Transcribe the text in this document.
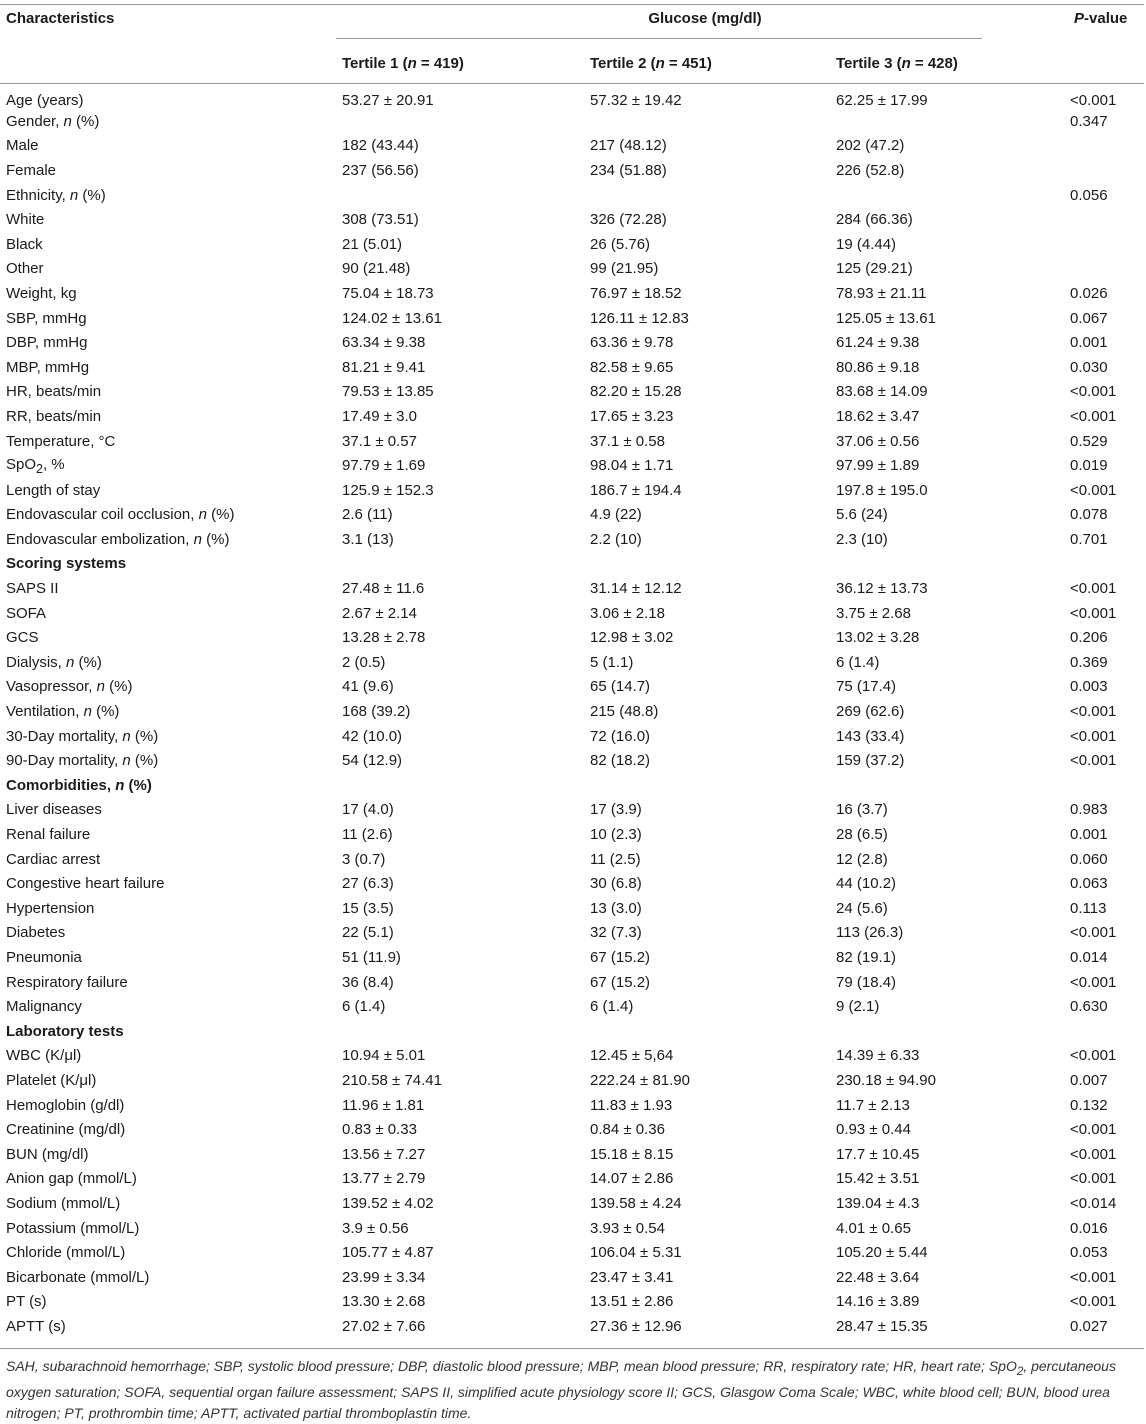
Characteristics	Glucose (mg/dl)			P-value
	Tertile 1 (n = 419)	Tertile 2 (n = 451)	Tertile 3 (n = 428)	
Age (years)	53.27 ± 20.91	57.32 ± 19.42	62.25 ± 17.99	<0.001
Gender, n (%)				0.347
Male	182 (43.44)	217 (48.12)	202 (47.2)	
Female	237 (56.56)	234 (51.88)	226 (52.8)	
Ethnicity, n (%)				0.056
White	308 (73.51)	326 (72.28)	284 (66.36)	
Black	21 (5.01)	26 (5.76)	19 (4.44)	
Other	90 (21.48)	99 (21.95)	125 (29.21)	
Weight, kg	75.04 ± 18.73	76.97 ± 18.52	78.93 ± 21.11	0.026
SBP, mmHg	124.02 ± 13.61	126.11 ± 12.83	125.05 ± 13.61	0.067
DBP, mmHg	63.34 ± 9.38	63.36 ± 9.78	61.24 ± 9.38	0.001
MBP, mmHg	81.21 ± 9.41	82.58 ± 9.65	80.86 ± 9.18	0.030
HR, beats/min	79.53 ± 13.85	82.20 ± 15.28	83.68 ± 14.09	<0.001
RR, beats/min	17.49 ± 3.0	17.65 ± 3.23	18.62 ± 3.47	<0.001
Temperature, °C	37.1 ± 0.57	37.1 ± 0.58	37.06 ± 0.56	0.529
SpO$_2$, %	97.79 ± 1.69	98.04 ± 1.71	97.99 ± 1.89	0.019
Length of stay	125.9 ± 152.3	186.7 ± 194.4	197.8 ± 195.0	<0.001
Endovascular coil occlusion, n (%)	2.6 (11)	4.9 (22)	5.6 (24)	0.078
Endovascular embolization, n (%)	3.1 (13)	2.2 (10)	2.3 (10)	0.701
Scoring systems				
SAPS II	27.48 ± 11.6	31.14 ± 12.12	36.12 ± 13.73	<0.001
SOFA	2.67 ± 2.14	3.06 ± 2.18	3.75 ± 2.68	<0.001
GCS	13.28 ± 2.78	12.98 ± 3.02	13.02 ± 3.28	0.206
Dialysis, n (%)	2 (0.5)	5 (1.1)	6 (1.4)	0.369
Vasopressor, n (%)	41 (9.6)	65 (14.7)	75 (17.4)	0.003
Ventilation, n (%)	168 (39.2)	215 (48.8)	269 (62.6)	<0.001
30-Day mortality, n (%)	42 (10.0)	72 (16.0)	143 (33.4)	<0.001
90-Day mortality, n (%)	54 (12.9)	82 (18.2)	159 (37.2)	<0.001
Comorbidities, n (%)				
Liver diseases	17 (4.0)	17 (3.9)	16 (3.7)	0.983
Renal failure	11 (2.6)	10 (2.3)	28 (6.5)	0.001
Cardiac arrest	3 (0.7)	11 (2.5)	12 (2.8)	0.060
Congestive heart failure	27 (6.3)	30 (6.8)	44 (10.2)	0.063
Hypertension	15 (3.5)	13 (3.0)	24 (5.6)	0.113
Diabetes	22 (5.1)	32 (7.3)	113 (26.3)	<0.001
Pneumonia	51 (11.9)	67 (15.2)	82 (19.1)	0.014
Respiratory failure	36 (8.4)	67 (15.2)	79 (18.4)	<0.001
Malignancy	6 (1.4)	6 (1.4)	9 (2.1)	0.630
Laboratory tests				
WBC (K/μl)	10.94 ± 5.01	12.45 ± 5,64	14.39 ± 6.33	<0.001
Platelet (K/μl)	210.58 ± 74.41	222.24 ± 81.90	230.18 ± 94.90	0.007
Hemoglobin (g/dl)	11.96 ± 1.81	11.83 ± 1.93	11.7 ± 2.13	0.132
Creatinine (mg/dl)	0.83 ± 0.33	0.84 ± 0.36	0.93 ± 0.44	<0.001
BUN (mg/dl)	13.56 ± 7.27	15.18 ± 8.15	17.7 ± 10.45	<0.001
Anion gap (mmol/L)	13.77 ± 2.79	14.07 ± 2.86	15.42 ± 3.51	<0.001
Sodium (mmol/L)	139.52 ± 4.02	139.58 ± 4.24	139.04 ± 4.3	<0.014
Potassium (mmol/L)	3.9 ± 0.56	3.93 ± 0.54	4.01 ± 0.65	0.016
Chloride (mmol/L)	105.77 ± 4.87	106.04 ± 5.31	105.20 ± 5.44	0.053
Bicarbonate (mmol/L)	23.99 ± 3.34	23.47 ± 3.41	22.48 ± 3.64	<0.001
PT (s)	13.30 ± 2.68	13.51 ± 2.86	14.16 ± 3.89	<0.001
APTT (s)	27.02 ± 7.66	27.36 ± 12.96	28.47 ± 15.35	0.027
SAH, subarachnoid hemorrhage; SBP, systolic blood pressure; DBP, diastolic blood pressure; MBP, mean blood pressure; RR, respiratory rate; HR, heart rate; SpO$_2$, percutaneous oxygen saturation; SOFA, sequential organ failure assessment; SAPS II, simplified acute physiology score II; GCS, Glasgow Coma Scale; WBC, white blood cell; BUN, blood urea nitrogen; PT, prothrombin time; APTT, activated partial thromboplastin time.
